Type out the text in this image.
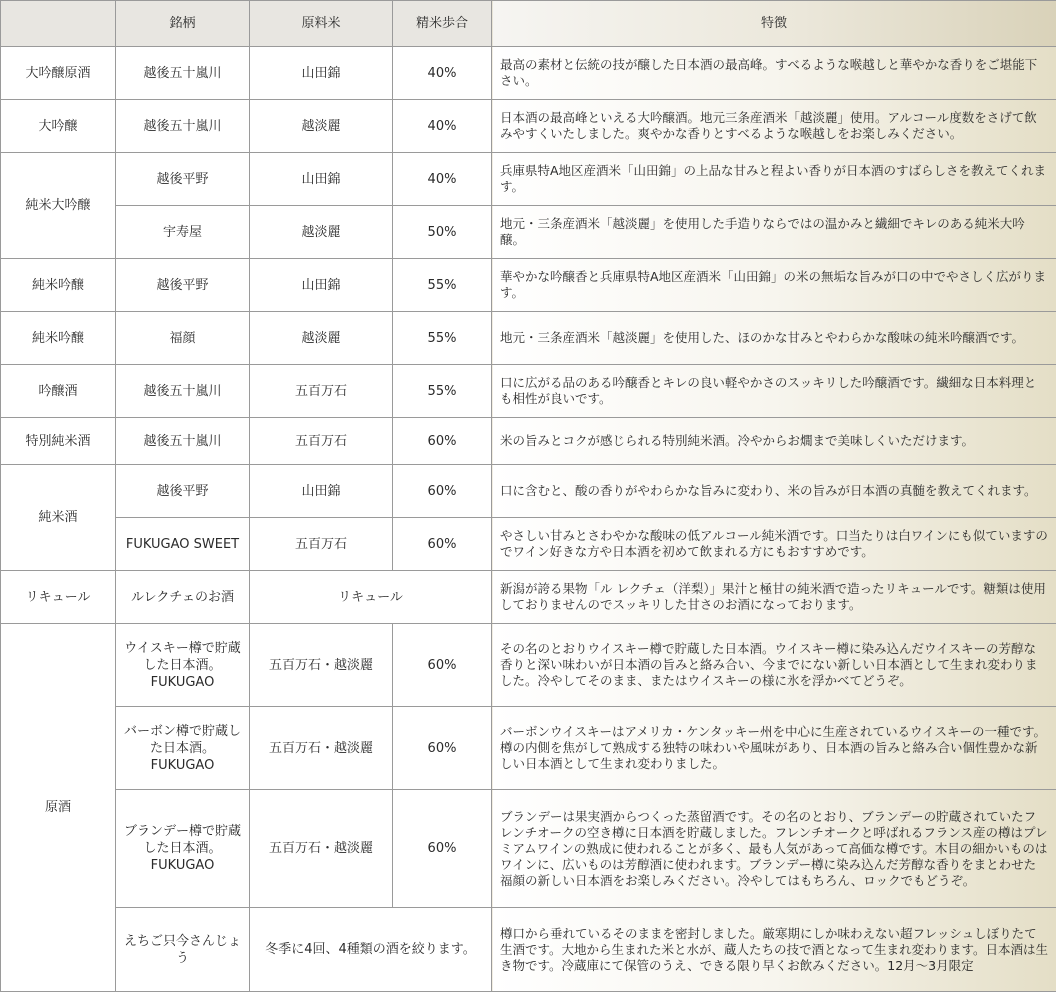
	銘柄	原料米	精米歩合	特徴
大吟醸原酒	越後五十嵐川	山田錦	40%	最高の素材と伝統の技が醸した日本酒の最高峰。すべるような喉越しと華やかな香りをご堪能下さい。
大吟醸	越後五十嵐川	越淡麗	40%	日本酒の最高峰といえる大吟醸酒。地元三条産酒米「越淡麗」使用。アルコール度数をさげて飲みやすくいたしました。爽やかな香りとすべるような喉越しをお楽しみください。
純米大吟醸	越後平野	山田錦	40%	兵庫県特A地区産酒米「山田錦」の上品な甘みと程よい香りが日本酒のすばらしさを教えてくれます。
	宇寿屋	越淡麗	50%	地元・三条産酒米「越淡麗」を使用した手造りならではの温かみと繊細でキレのある純米大吟醸。
純米吟醸	越後平野	山田錦	55%	華やかな吟醸香と兵庫県特A地区産酒米「山田錦」の米の無垢な旨みが口の中でやさしく広がります。
純米吟醸	福顔	越淡麗	55%	地元・三条産酒米「越淡麗」を使用した、ほのかな甘みとやわらかな酸味の純米吟醸酒です。
吟醸酒	越後五十嵐川	五百万石	55%	口に広がる品のある吟醸香とキレの良い軽やかさのスッキリした吟醸酒です。繊細な日本料理とも相性が良いです。
特別純米酒	越後五十嵐川	五百万石	60%	米の旨みとコクが感じられる特別純米酒。冷やからお燗まで美味しくいただけます。
純米酒	越後平野	山田錦	60%	口に含むと、酸の香りがやわらかな旨みに変わり、米の旨みが日本酒の真髄を教えてくれます。
	FUKUGAO SWEET	五百万石	60%	やさしい甘みとさわやかな酸味の低アルコール純米酒です。口当たりは白ワインにも似ていますのでワイン好きな方や日本酒を初めて飲まれる方にもおすすめです。
リキュール	ルレクチェのお酒	リキュール		新潟が誇る果物「ル レクチェ（洋梨）」果汁と極甘の純米酒で造ったリキュールです。糖類は使用しておりませんのでスッキリした甘さのお酒になっております。
原酒	ウイスキー樽で貯蔵した日本酒。FUKUGAO	五百万石・越淡麗	60%	その名のとおりウイスキー樽で貯蔵した日本酒。ウイスキー樽に染み込んだウイスキーの芳醇な香りと深い味わいが日本酒の旨みと絡み合い、今までにない新しい日本酒として生まれ変わりました。冷やしてそのまま、またはウイスキーの様に氷を浮かべてどうぞ。
	バーボン樽で貯蔵した日本酒。FUKUGAO	五百万石・越淡麗	60%	バーボンウイスキーはアメリカ・ケンタッキー州を中心に生産されているウイスキーの一種です。樽の内側を焦がして熟成する独特の味わいや風味があり、日本酒の旨みと絡み合い個性豊かな新しい日本酒として生まれ変わりました。
	ブランデー樽で貯蔵した日本酒。FUKUGAO	五百万石・越淡麗	60%	ブランデーは果実酒からつくった蒸留酒です。その名のとおり、ブランデーの貯蔵されていたフレンチオークの空き樽に日本酒を貯蔵しました。フレンチオークと呼ばれるフランス産の樽はプレミアムワインの熟成に使われることが多く、最も人気があって高価な樽です。木目の細かいものはワインに、広いものは芳醇酒に使われます。ブランデー樽に染み込んだ芳醇な香りをまとわせた福顔の新しい日本酒をお楽しみください。冷やしてはもちろん、ロックでもどうぞ。
	えちご只今さんじょう	冬季に4回、4種類の酒を絞ります。		樽口から垂れているそのままを密封しました。厳寒期にしか味わえない超フレッシュしぼりたて生酒です。大地から生まれた米と水が、蔵人たちの技で酒となって生まれ変わります。日本酒は生き物です。冷蔵庫にて保管のうえ、できる限り早くお飲みください。12月〜3月限定
